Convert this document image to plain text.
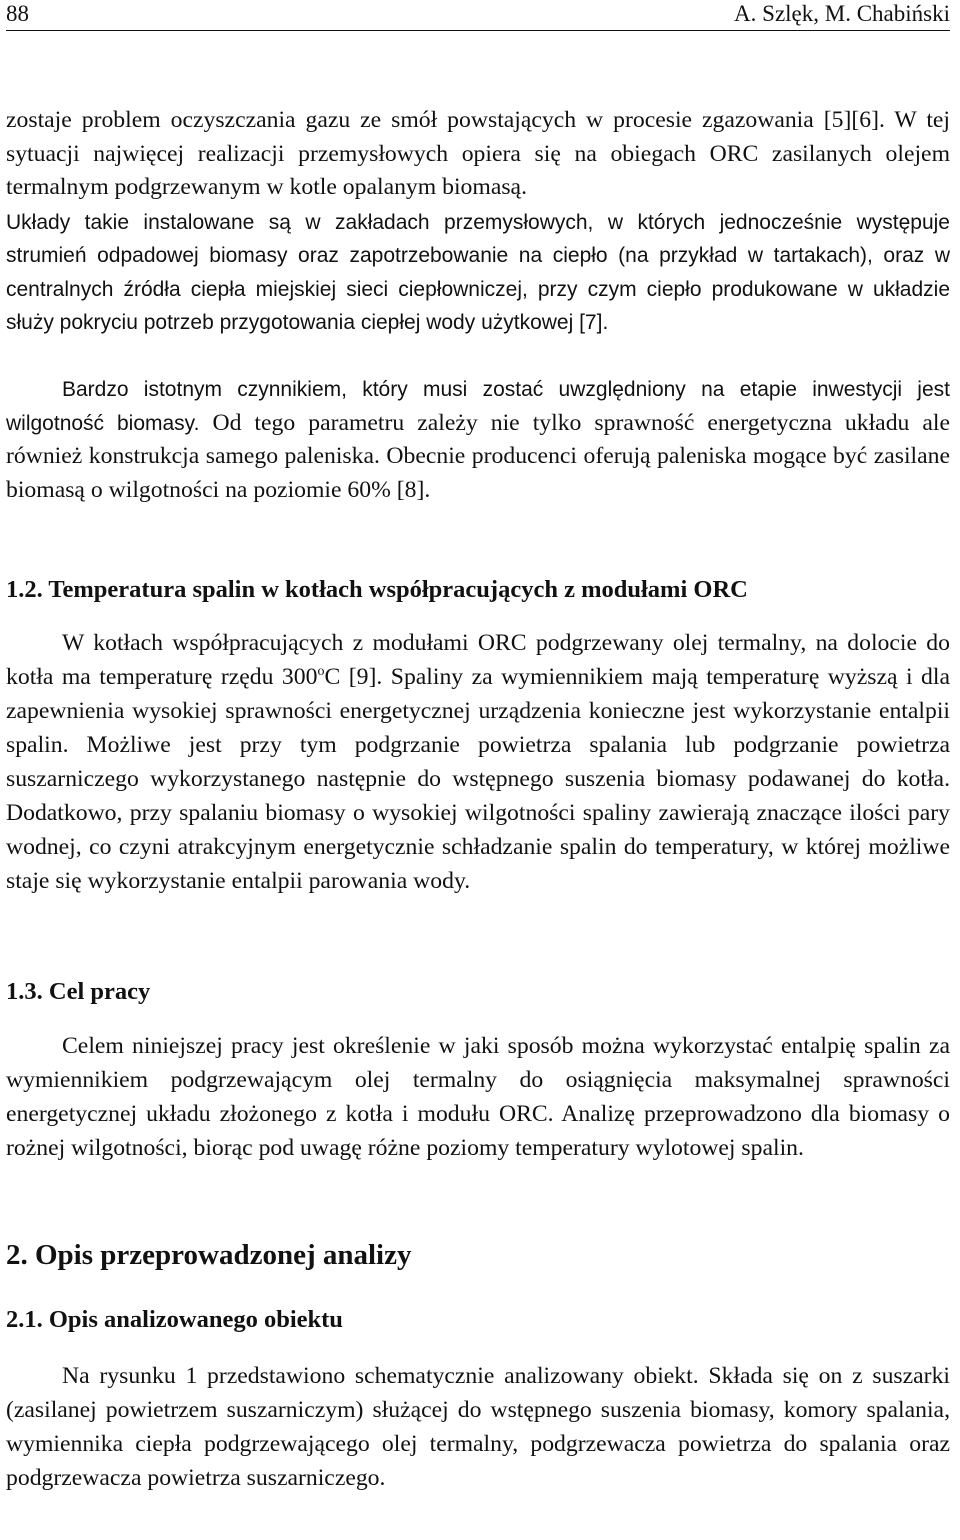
88	A. Szlęk, M. Chabiński

zostaje problem oczyszczania gazu ze smół powstających w procesie zgazowania [5][6]. W tej sytuacji najwięcej realizacji przemysłowych opiera się na obiegach ORC zasilanych olejem termalnym podgrzewanym w kotle opalanym biomasą.

Układy takie instalowane są w zakładach przemysłowych, w których jednocześnie występuje strumień odpadowej biomasy oraz zapotrzebowanie na ciepło (na przykład w tartakach), oraz w centralnych źródła ciepła miejskiej sieci ciepłowniczej, przy czym ciepło produkowane w układzie służy pokryciu potrzeb przygotowania ciepłej wody użytkowej [7].

Bardzo istotnym czynnikiem, który musi zostać uwzględniony na etapie inwestycji jest wilgotność biomasy. Od tego parametru zależy nie tylko sprawność energetyczna układu ale również konstrukcja samego paleniska. Obecnie producenci oferują paleniska mogące być zasilane biomasą o wilgotności na poziomie 60% [8].

1.2. Temperatura spalin w kotłach współpracujących z modułami ORC

W kotłach współpracujących z modułami ORC podgrzewany olej termalny, na dolocie do kotła ma temperaturę rzędu 300$^o$C [9]. Spaliny za wymiennikiem mają temperaturę wyższą i dla zapewnienia wysokiej sprawności energetycznej urządzenia konieczne jest wykorzystanie entalpii spalin. Możliwe jest przy tym podgrzanie powietrza spalania lub podgrzanie powietrza suszarniczego wykorzystanego następnie do wstępnego suszenia biomasy podawanej do kotła. Dodatkowo, przy spalaniu biomasy o wysokiej wilgotności spaliny zawierają znaczące ilości pary wodnej, co czyni atrakcyjnym energetycznie schładzanie spalin do temperatury, w której możliwe staje się wykorzystanie entalpii parowania wody.

1.3. Cel pracy

Celem niniejszej pracy jest określenie w jaki sposób można wykorzystać entalpię spalin za wymiennikiem podgrzewającym olej termalny do osiągnięcia maksymalnej sprawności energetycznej układu złożonego z kotła i modułu ORC. Analizę przeprowadzono dla biomasy o rożnej wilgotności, biorąc pod uwagę różne poziomy temperatury wylotowej spalin.

2. Opis przeprowadzonej analizy
2.1. Opis analizowanego obiektu

Na rysunku 1 przedstawiono schematycznie analizowany obiekt. Składa się on z suszarki (zasilanej powietrzem suszarniczym) służącej do wstępnego suszenia biomasy, komory spalania, wymiennika ciepła podgrzewającego olej termalny, podgrzewacza powietrza do spalania oraz podgrzewacza powietrza suszarniczego.
